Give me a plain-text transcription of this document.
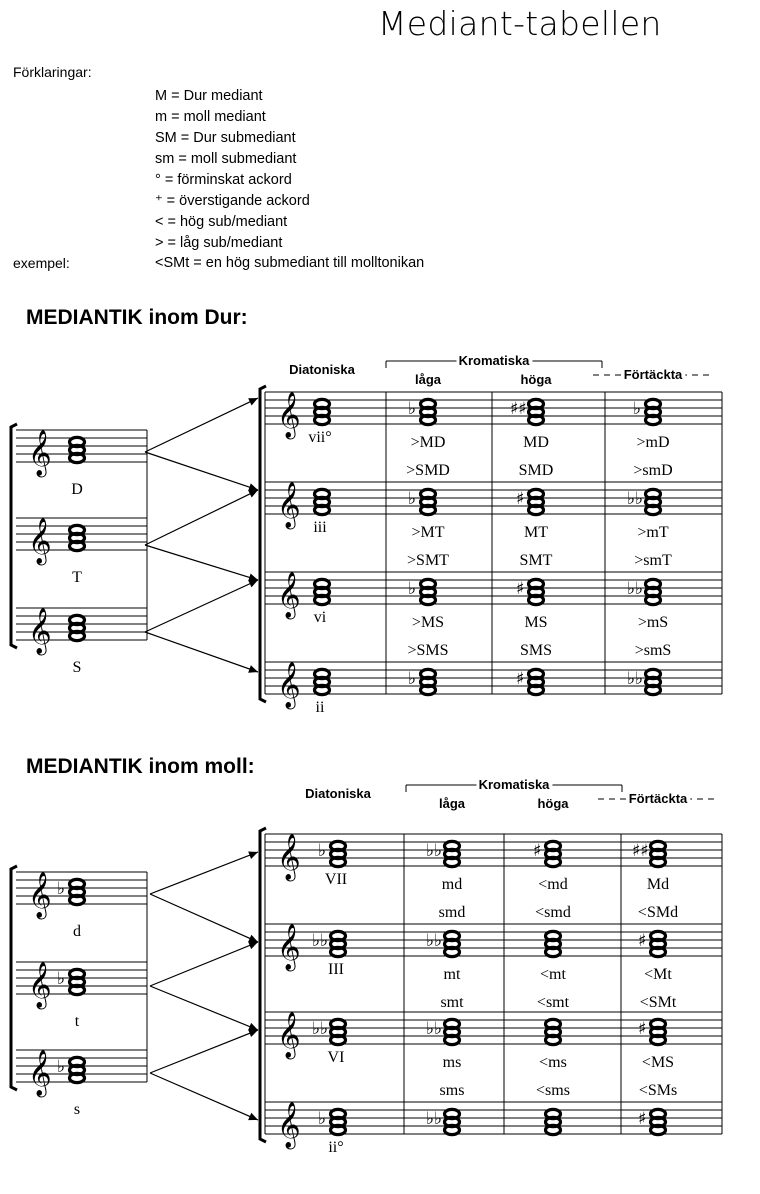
Mediant-tabellen
Förklaringar:
M = Dur mediant
m = moll mediant
SM = Dur submediant
sm = moll submediant
° = förminskat ackord
⁺ = överstigande ackord
˂ = hög sub/mediant
˃ = låg sub/mediant
exempel:	˂SMt = en hög submediant till molltonikan
MEDIANTIK inom Dur:
MEDIANTIK inom moll:
𝄞
D
𝄞
T
𝄞
S
Diatoniska
Kromatiska
låga	höga	Förtäckta
𝄞	♭	♯♯	♭
vii°	˃MD	MD	˃mD
˃SMD	SMD	˃smD
𝄞	♭	♯	♭♭
iii	˃MT	MT	˃mT
˃SMT	SMT	˃smT
𝄞	♭	♯	♭♭
vi	˃MS	MS	˃mS
˃SMS	SMS	˃smS
𝄞	♭	♯	♭♭
ii
𝄞 ♭
d
𝄞 ♭
t
𝄞 ♭
s
Diatoniska
Kromatiska
låga	höga	Förtäckta
𝄞 ♭	♭♭	♯	♯♯
VII	md	˂md	Md
smd	˂smd	˂SMd
𝄞 ♭♭	♭♭	♯
III	mt	˂mt	˂Mt
smt	˂smt	˂SMt
𝄞 ♭♭	♭♭	♯
VI	ms	˂ms	˂MS
sms	˂sms	˂SMs
𝄞 ♭	♭♭	♯
ii°
